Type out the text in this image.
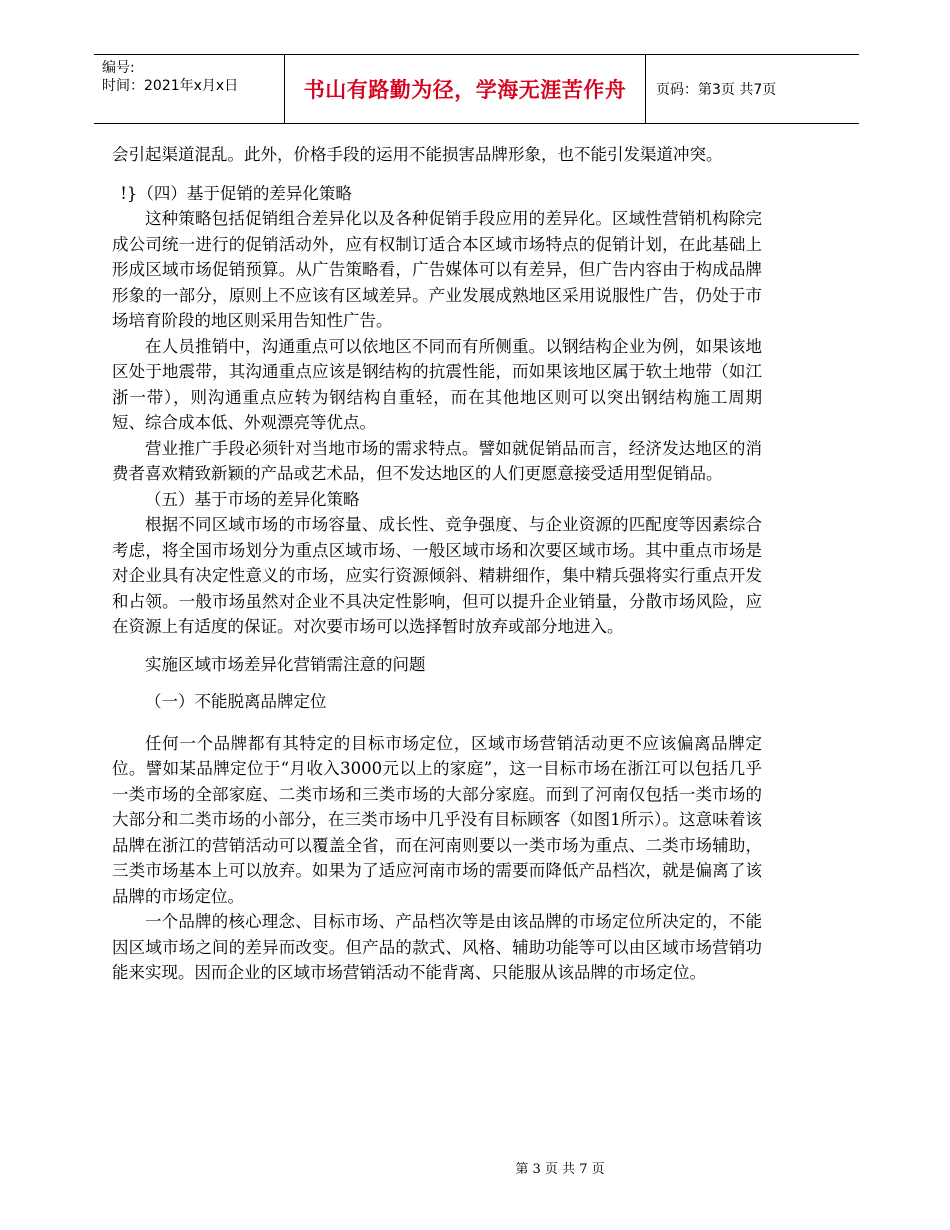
编号:
时间：2021年x月x日	书山有路勤为径，学海无涯苦作舟	页码：第3页 共7页

会引起渠道混乱。此外，价格手段的运用不能损害品牌形象，也不能引发渠道冲突。

!}（四）基于促销的差异化策略

这种策略包括促销组合差异化以及各种促销手段应用的差异化。区域性营销机构除完成公司统一进行的促销活动外，应有权制订适合本区域市场特点的促销计划，在此基础上形成区域市场促销预算。从广告策略看，广告媒体可以有差异，但广告内容由于构成品牌形象的一部分，原则上不应该有区域差异。产业发展成熟地区采用说服性广告，仍处于市场培育阶段的地区则采用告知性广告。

在人员推销中，沟通重点可以依地区不同而有所侧重。以钢结构企业为例，如果该地区处于地震带，其沟通重点应该是钢结构的抗震性能，而如果该地区属于软土地带（如江浙一带），则沟通重点应转为钢结构自重轻，而在其他地区则可以突出钢结构施工周期短、综合成本低、外观漂亮等优点。

营业推广手段必须针对当地市场的需求特点。譬如就促销品而言，经济发达地区的消费者喜欢精致新颖的产品或艺术品，但不发达地区的人们更愿意接受适用型促销品。

（五）基于市场的差异化策略

根据不同区域市场的市场容量、成长性、竞争强度、与企业资源的匹配度等因素综合考虑，将全国市场划分为重点区域市场、一般区域市场和次要区域市场。其中重点市场是对企业具有决定性意义的市场，应实行资源倾斜、精耕细作，集中精兵强将实行重点开发和占领。一般市场虽然对企业不具决定性影响，但可以提升企业销量，分散市场风险，应在资源上有适度的保证。对次要市场可以选择暂时放弃或部分地进入。

实施区域市场差异化营销需注意的问题

（一）不能脱离品牌定位

任何一个品牌都有其特定的目标市场定位，区域市场营销活动更不应该偏离品牌定位。譬如某品牌定位于“月收入3000元以上的家庭”，这一目标市场在浙江可以包括几乎一类市场的全部家庭、二类市场和三类市场的大部分家庭。而到了河南仅包括一类市场的大部分和二类市场的小部分，在三类市场中几乎没有目标顾客（如图1所示）。这意味着该品牌在浙江的营销活动可以覆盖全省，而在河南则要以一类市场为重点、二类市场辅助，三类市场基本上可以放弃。如果为了适应河南市场的需要而降低产品档次，就是偏离了该品牌的市场定位。

一个品牌的核心理念、目标市场、产品档次等是由该品牌的市场定位所决定的，不能因区域市场之间的差异而改变。但产品的款式、风格、辅助功能等可以由区域市场营销功能来实现。因而企业的区域市场营销活动不能背离、只能服从该品牌的市场定位。

第 3 页 共 7 页
